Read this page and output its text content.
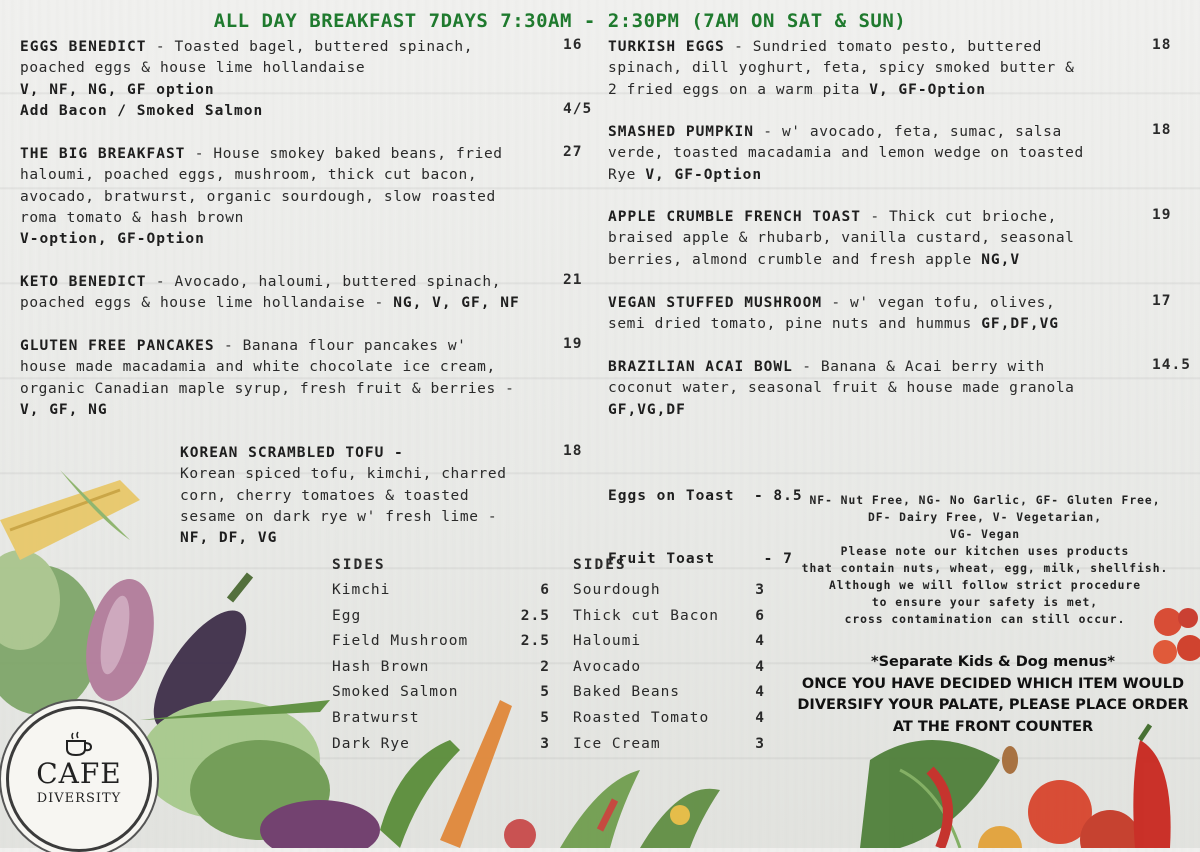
ALL DAY BREAKFAST 7DAYS 7:30AM - 2:30PM (7AM ON SAT & SUN)
EGGS BENEDICT - Toasted bagel, buttered spinach,
poached eggs & house lime hollandaise
V, NF, NG, GF option
Add Bacon / Smoked Salmon
16
4/5
THE BIG BREAKFAST - House smokey baked beans, fried
haloumi, poached eggs, mushroom, thick cut bacon,
avocado, bratwurst, organic sourdough, slow roasted
roma tomato & hash brown
V-option, GF-Option
27
KETO BENEDICT - Avocado, haloumi, buttered spinach,
poached eggs & house lime hollandaise - NG, V, GF, NF
21
GLUTEN FREE PANCAKES - Banana flour pancakes w'
house made macadamia and white chocolate ice cream,
organic Canadian maple syrup, fresh fruit & berries -
V, GF, NG
19
KOREAN SCRAMBLED TOFU -
Korean spiced tofu, kimchi, charred
corn, cherry tomatoes & toasted
sesame on dark rye w' fresh lime -
NF, DF, VG
18
TURKISH EGGS - Sundried tomato pesto, buttered
spinach, dill yoghurt, feta, spicy smoked butter &
2 fried eggs on a warm pita V, GF-Option
18
SMASHED PUMPKIN - w' avocado, feta, sumac, salsa
verde, toasted macadamia and lemon wedge on toasted
Rye V, GF-Option
18
APPLE CRUMBLE FRENCH TOAST - Thick cut brioche,
braised apple & rhubarb, vanilla custard, seasonal
berries, almond crumble and fresh apple NG,V
19
VEGAN STUFFED MUSHROOM - w' vegan tofu, olives,
semi dried tomato, pine nuts and hummus GF,DF,VG
17
BRAZILIAN ACAI BOWL - Banana & Acai berry with
coconut water, seasonal fruit & house made granola
GF,VG,DF
14.5

Eggs on Toast  - 8.5

Fruit Toast     - 7

SIDES
Kimchi	6
Egg	2.5
Field Mushroom	2.5
Hash Brown	2
Smoked Salmon	5
Bratwurst	5
Dark Rye	3
SIDES
Sourdough	3
Thick cut Bacon	6
Haloumi	4
Avocado	4
Baked Beans	4
Roasted Tomato	4
Ice Cream	3
NF- Nut Free, NG- No Garlic, GF- Gluten Free,
DF- Dairy Free, V- Vegetarian,
VG- Vegan
Please note our kitchen uses products
that contain nuts, wheat, egg, milk, shellfish.
Although we will follow strict procedure
to ensure your safety is met,
cross contamination can still occur.
*Separate Kids & Dog menus*
ONCE YOU HAVE DECIDED WHICH ITEM WOULD
DIVERSIFY YOUR PALATE, PLEASE PLACE ORDER
AT THE FRONT COUNTER
CAFE
DIVERSITY
